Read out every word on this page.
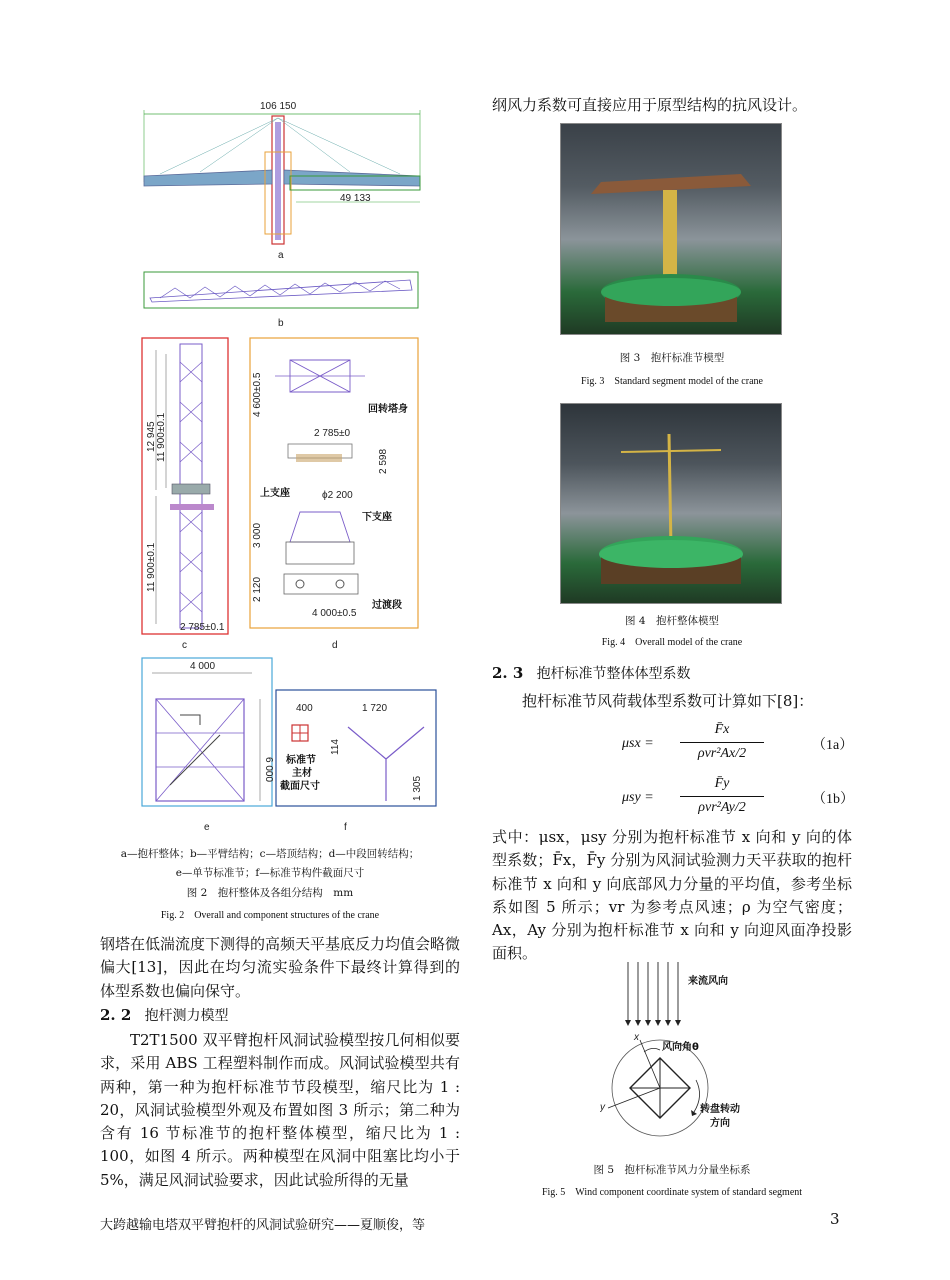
106 150
49 133
a
b
12 945 11 900±0.1
11 900±0.1
2 785±0.1
4 600±0.5
2 785±0
2 598
ϕ2 200
3 000
2 120
4 000±0.5
回转塔身
上支座
下支座
过渡段
c	d
4 000
6 000
400	1 720
114
1 305
标准节
主材
截面尺寸
e	f
a—抱杆整体；b—平臂结构；c—塔顶结构；d—中段回转结构；
e—单节标准节；f—标准节构件截面尺寸
图 2　抱杆整体及各组分结构　mm
Fig. 2　Overall and component structures of the crane
钢塔在低湍流度下测得的高频天平基底反力均值会略微偏大[13]，因此在均匀流实验条件下最终计算得到的体型系数也偏向保守。
2. 2 抱杆测力模型
T2T1500 双平臂抱杆风洞试验模型按几何相似要求，采用 ABS 工程塑料制作而成。风洞试验模型共有两种，第一种为抱杆标准节节段模型，缩尺比为 1 : 20，风洞试验模型外观及布置如图 3 所示；第二种为含有 16 节标准节的抱杆整体模型，缩尺比为 1 : 100，如图 4 所示。两种模型在风洞中阻塞比均小于 5%，满足风洞试验要求，因此试验所得的无量
纲风力系数可直接应用于原型结构的抗风设计。
图 3　抱杆标准节模型
Fig. 3　Standard segment model of the crane
图 4　抱杆整体模型
Fig. 4　Overall model of the crane
2. 3 抱杆标准节整体体型系数
抱杆标准节风荷载体型系数可计算如下[8]：
μsx =
F̄x
ρvr²Ax/2
（1a）
μsy =
F̄y
ρvr²Ay/2
（1b）
式中：μsx，μsy 分别为抱杆标准节 x 向和 y 向的体型系数；F̄x，F̄y 分别为风洞试验测力天平获取的抱杆标准节 x 向和 y 向底部风力分量的平均值，参考坐标系如图 5 所示；vr 为参考点风速；ρ 为空气密度；Ax，Ay 分别为抱杆标准节 x 向和 y 向迎风面净投影面积。
来流风向
x
y
风向角θ
转盘转动
方向
图 5　抱杆标准节风力分量坐标系
Fig. 5　Wind component coordinate system of standard segment
大跨越输电塔双平臂抱杆的风洞试验研究——夏顺俊，等	3
